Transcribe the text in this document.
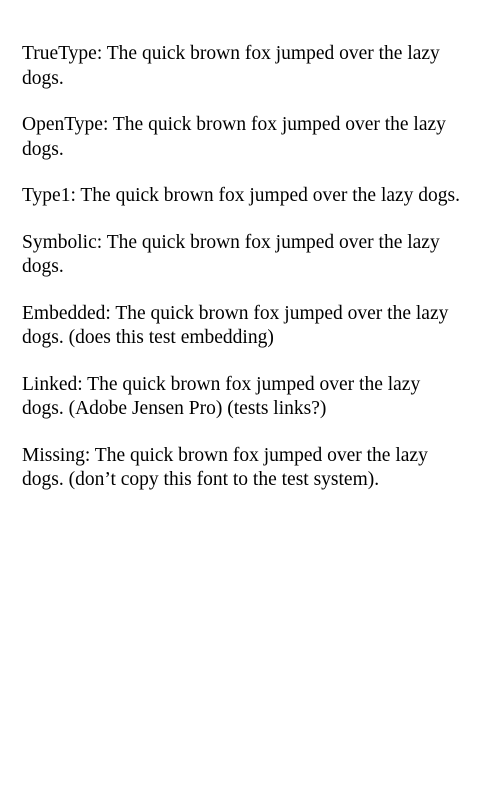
TrueType: The quick brown fox jumped over the lazy dogs.

OpenType: The quick brown fox jumped over the lazy dogs.

Type1: The quick brown fox jumped over the lazy dogs.

Symbolic: The quick brown fox jumped over the lazy dogs.

Embedded: The quick brown fox jumped over the lazy dogs. (does this test embedding)

Linked: The quick brown fox jumped over the lazy dogs. (Adobe Jensen Pro) (tests links?)

Missing: The quick brown fox jumped over the lazy dogs. (don’t copy this font to the test system).
